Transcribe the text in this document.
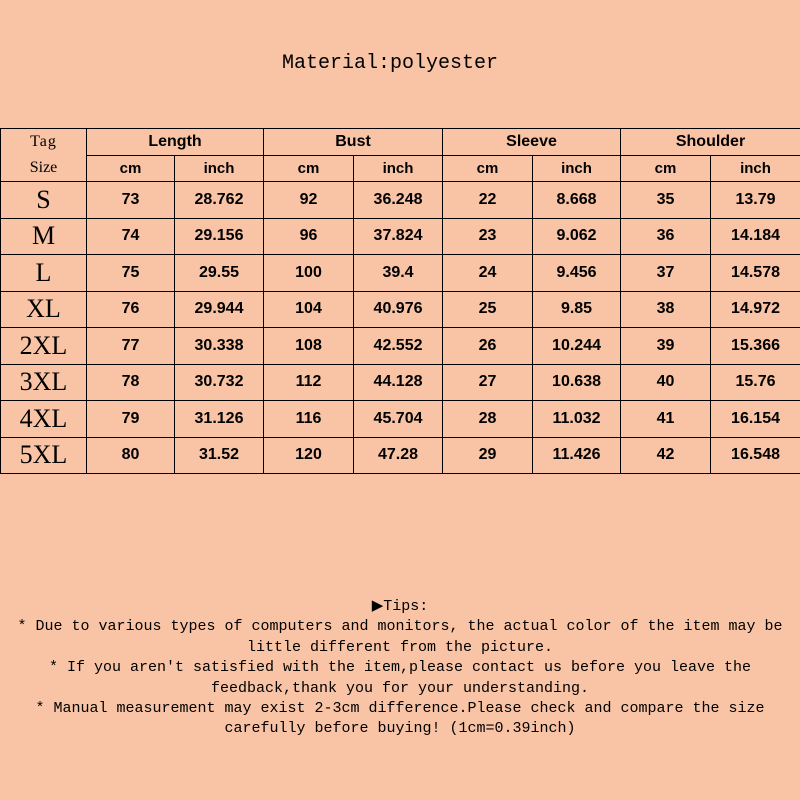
Material:polyester
Tag
Size	Length		Bust		Sleeve		Shoulder	
	cm	inch	cm	inch	cm	inch	cm	inch
S	73	28.762	92	36.248	22	8.668	35	13.79
M	74	29.156	96	37.824	23	9.062	36	14.184
L	75	29.55	100	39.4	24	9.456	37	14.578
XL	76	29.944	104	40.976	25	9.85	38	14.972
2XL	77	30.338	108	42.552	26	10.244	39	15.366
3XL	78	30.732	112	44.128	27	10.638	40	15.76
4XL	79	31.126	116	45.704	28	11.032	41	16.154
5XL	80	31.52	120	47.28	29	11.426	42	16.548

▶Tips:

* Due to various types of computers and monitors, the actual color of the item may be

little different from the picture.

* If you aren't satisfied with the item,please contact us before you leave the

feedback,thank you for your understanding.

* Manual measurement may exist 2-3cm difference.Please check and compare the size

carefully before buying! (1cm=0.39inch)
